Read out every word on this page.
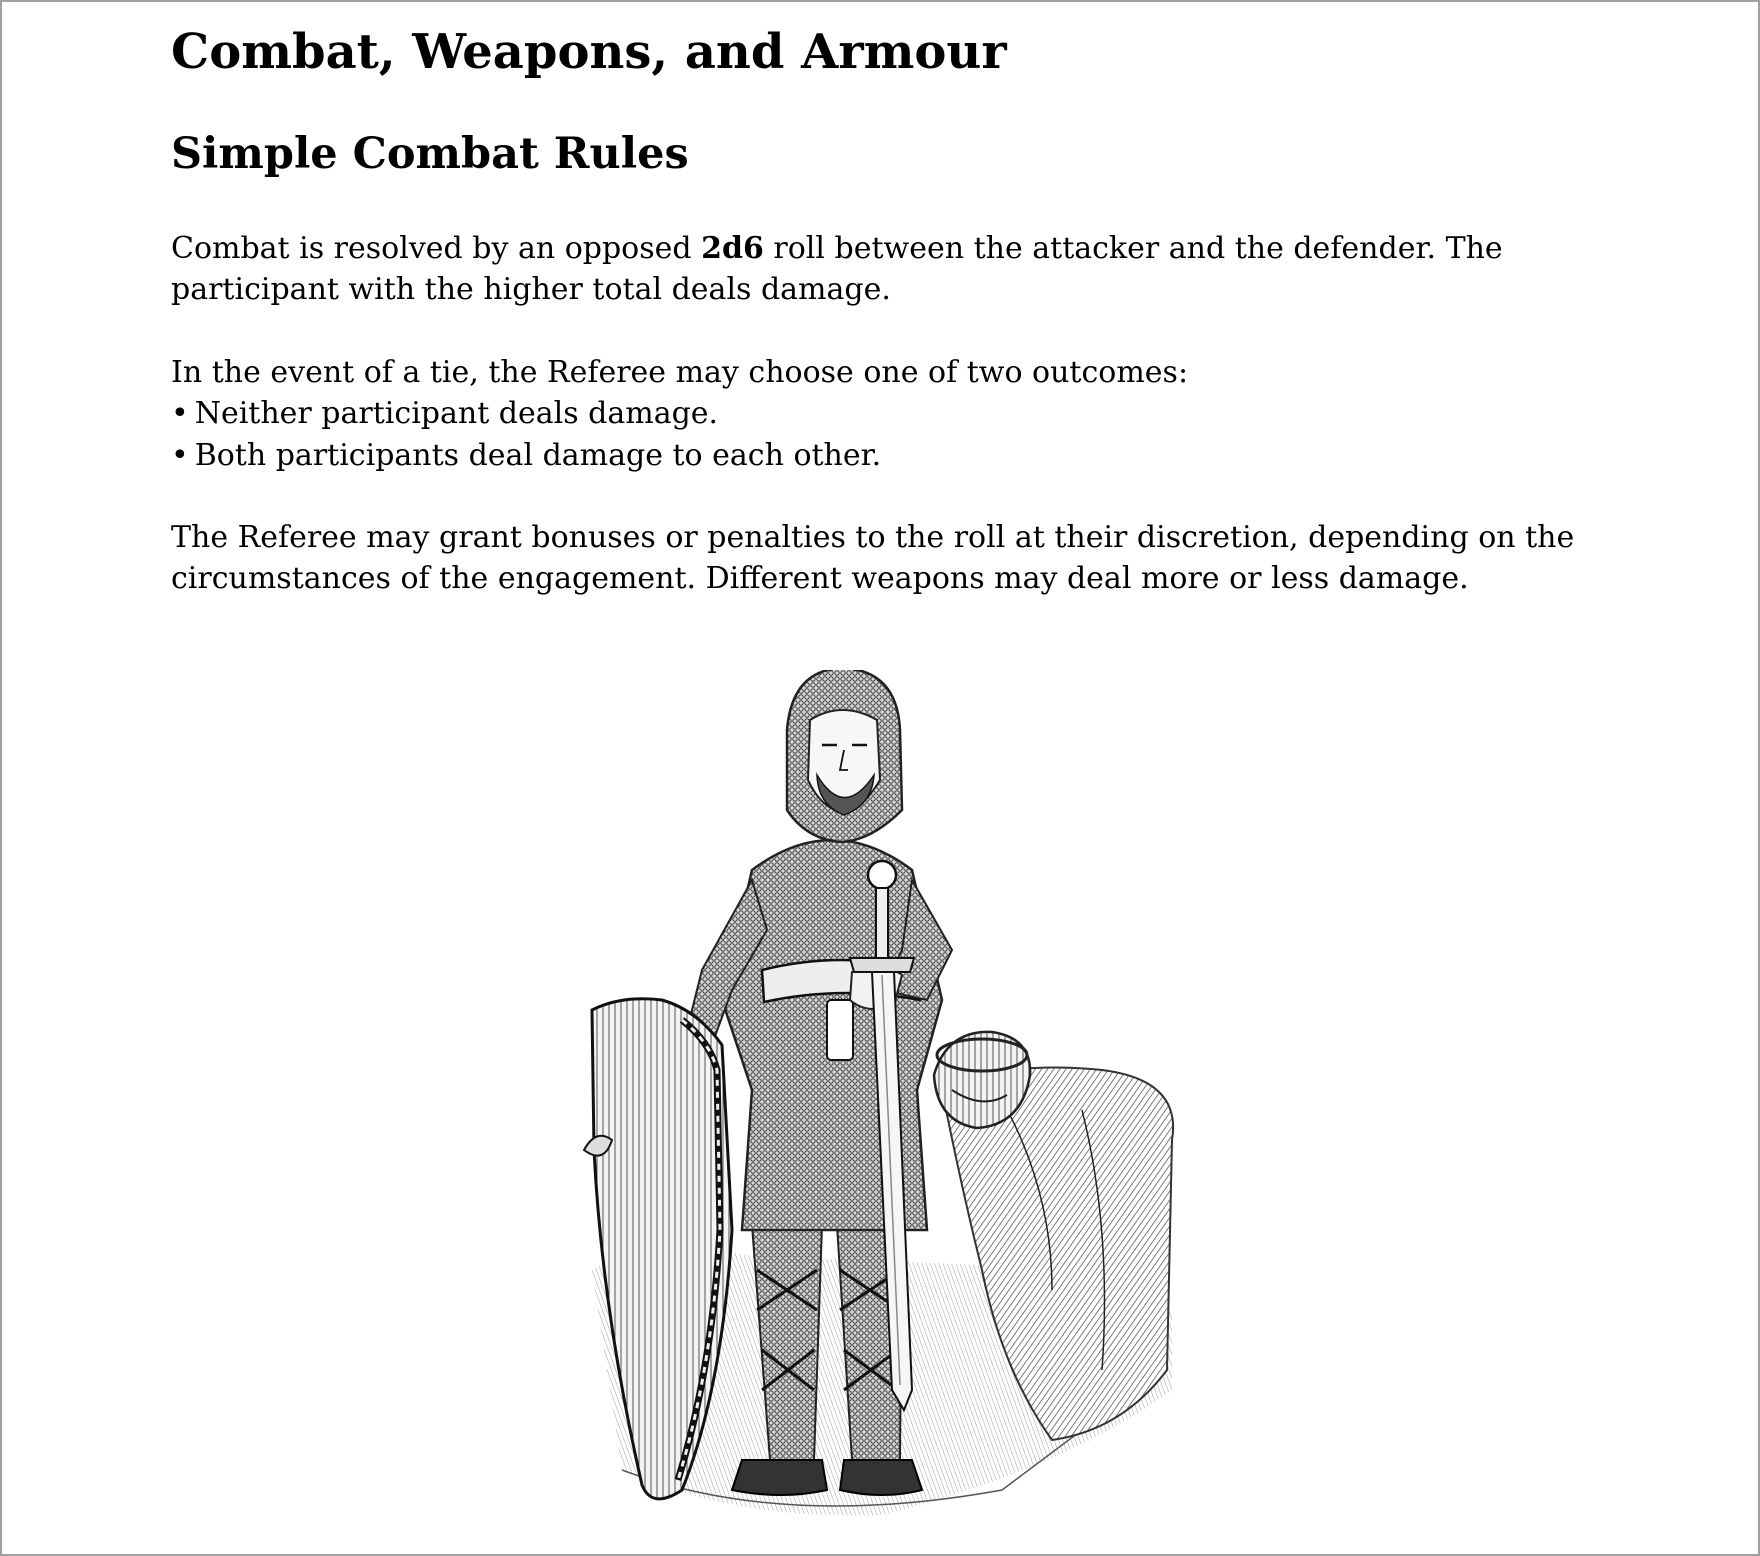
Combat, Weapons, and Armour
Simple Combat Rules

Combat is resolved by an opposed 2d6 roll between the attacker and the defender. The participant with the higher total deals damage.

In the event of a tie, the Referee may choose one of two outcomes:
• Neither participant deals damage.
• Both participants deal damage to each other.

The Referee may grant bonuses or penalties to the roll at their discretion, depending on the circumstances of the engagement. Different weapons may deal more or less damage.
